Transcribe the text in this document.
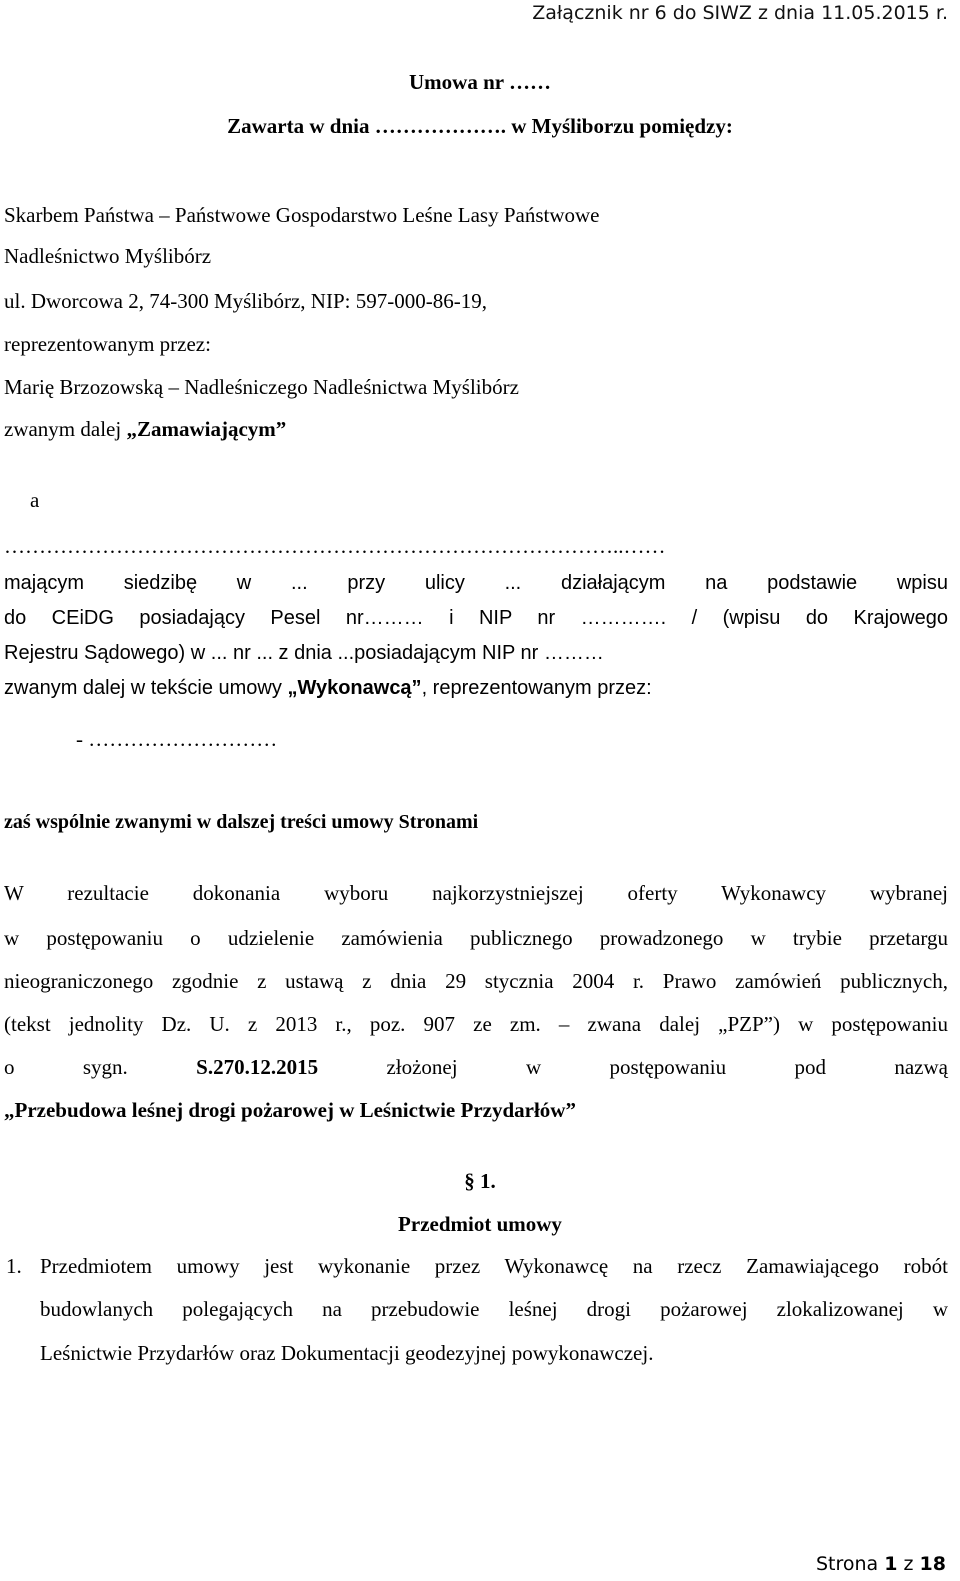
Załącznik nr 6 do SIWZ z dnia 11.05.2015 r.
Umowa nr ……
Zawarta w dnia ………………. w Myśliborzu pomiędzy:
Skarbem Państwa – Państwowe Gospodarstwo Leśne Lasy Państwowe
Nadleśnictwo Myślibórz
ul. Dworcowa 2, 74-300 Myślibórz, NIP: 597-000-86-19,
reprezentowanym przez:
Marię Brzozowską – Nadleśniczego Nadleśnictwa Myślibórz
zwanym dalej „Zamawiającym”
a
……………………………………………………………………………..……
mającym siedzibę w ... przy ulicy ... działającym na podstawie wpisu
do CEiDG posiadający Pesel nr……… i NIP nr …………. / (wpisu do Krajowego
Rejestru Sądowego) w ... nr ... z dnia ...posiadającym NIP nr ………
zwanym dalej w tekście umowy „Wykonawcą”, reprezentowanym przez:
- ………………………
zaś wspólnie zwanymi w dalszej treści umowy Stronami
W rezultacie dokonania wyboru najkorzystniejszej oferty Wykonawcy wybranej
w postępowaniu o udzielenie zamówienia publicznego prowadzonego w trybie przetargu
nieograniczonego zgodnie z ustawą z dnia 29 stycznia 2004 r. Prawo zamówień publicznych,
(tekst jednolity Dz. U. z 2013 r., poz. 907 ze zm. – zwana dalej „PZP”) w postępowaniu
o	sygn.	S.270.12.2015	złożonej	w	postępowaniu	pod	nazwą
„Przebudowa leśnej drogi pożarowej w Leśnictwie Przydarłów”
§ 1.
Przedmiot umowy
1. Przedmiotem umowy jest wykonanie przez Wykonawcę na rzecz Zamawiającego robót
budowlanych polegających na przebudowie leśnej drogi pożarowej zlokalizowanej w
Leśnictwie Przydarłów oraz Dokumentacji geodezyjnej powykonawczej.
Strona 1 z 18
